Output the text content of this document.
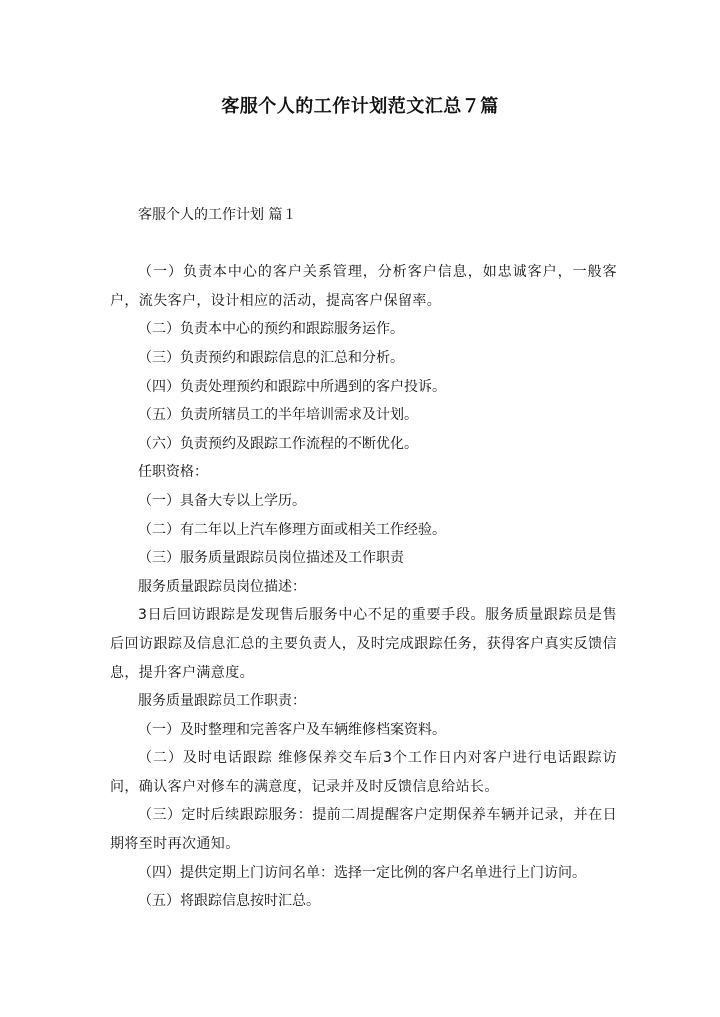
客服个人的工作计划范文汇总７篇

客服个人的工作计划 篇１

（一）负责本中心的客户关系管理，分析客户信息，如忠诚客户，一般客户，流失客户，设计相应的活动，提高客户保留率。

（二）负责本中心的预约和跟踪服务运作。

（三）负责预约和跟踪信息的汇总和分析。

（四）负责处理预约和跟踪中所遇到的客户投诉。

（五）负责所辖员工的半年培训需求及计划。

（六）负责预约及跟踪工作流程的不断优化。

任职资格：

（一）具备大专以上学历。

（二）有二年以上汽车修理方面或相关工作经验。

（三）服务质量跟踪员岗位描述及工作职责

服务质量跟踪员岗位描述：

3日后回访跟踪是发现售后服务中心不足的重要手段。服务质量跟踪员是售后回访跟踪及信息汇总的主要负责人，及时完成跟踪任务，获得客户真实反馈信息，提升客户满意度。

服务质量跟踪员工作职责：

（一）及时整理和完善客户及车辆维修档案资料。

（二）及时电话跟踪 维修保养交车后3个工作日内对客户进行电话跟踪访问，确认客户对修车的满意度，记录并及时反馈信息给站长。

（三）定时后续跟踪服务：提前二周提醒客户定期保养车辆并记录，并在日期将至时再次通知。

（四）提供定期上门访问名单：选择一定比例的客户名单进行上门访问。

（五）将跟踪信息按时汇总。
